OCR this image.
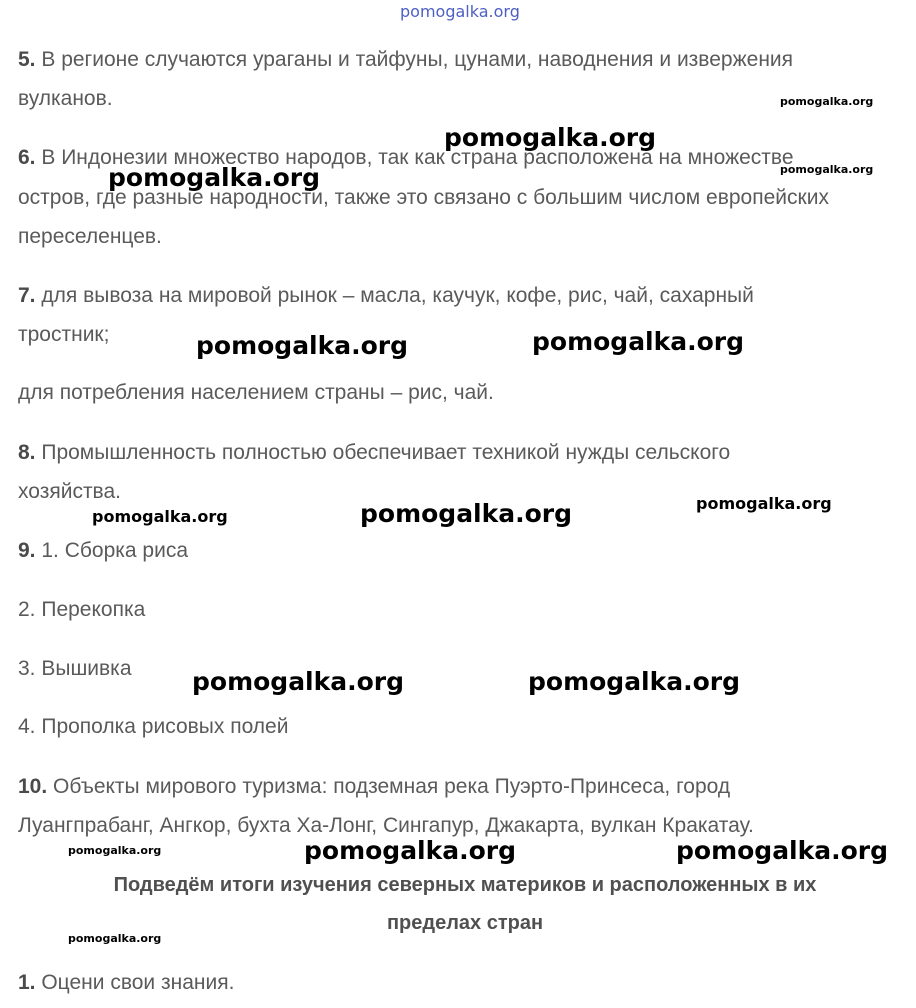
pomogalka.org

5. В регионе случаются ураганы и тайфуны, цунами, наводнения и извержения

вулканов.

6. В Индонезии множество народов, так как страна расположена на множестве

остров, где разные народности, также это связано с большим числом европейских

переселенцев.

7. для вывоза на мировой рынок – масла, каучук, кофе, рис, чай, сахарный

тростник;

для потребления населением страны – рис, чай.

8. Промышленность полностью обеспечивает техникой нужды сельского

хозяйства.

9. 1. Сборка риса

2. Перекопка

3. Вышивка

4. Прополка рисовых полей

10. Объекты мирового туризма: подземная река Пуэрто-Принсеса, город

Луангпрабанг, Ангкор, бухта Ха-Лонг, Сингапур, Джакарта, вулкан Кракатау.

Подведём итоги изучения северных материков и расположенных в их

пределах стран

1. Оцени свои знания.

pomogalka.org
pomogalka.org
pomogalka.org
pomogalka.org
pomogalka.org	pomogalka.org
pomogalka.org	pomogalka.org	pomogalka.org
pomogalka.org	pomogalka.org
pomogalka.org	pomogalka.org	pomogalka.org
pomogalka.org
